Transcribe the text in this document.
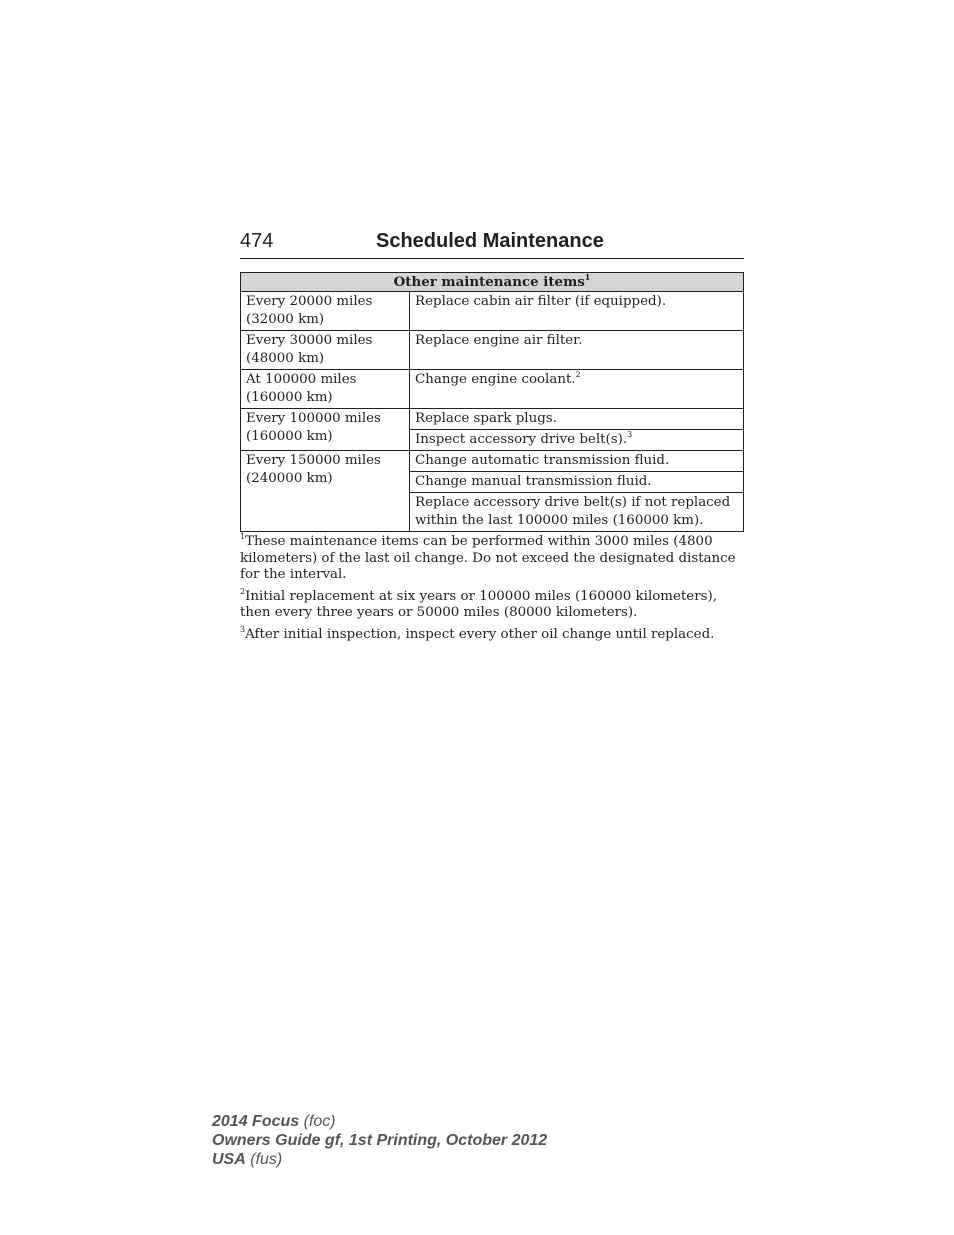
474	Scheduled Maintenance
Other maintenance items$^1$
Every 20000 miles (32000 km)	Replace cabin air filter (if equipped).
Every 30000 miles (48000 km)	Replace engine air filter.
At 100000 miles (160000 km)	Change engine coolant.$^2$
Every 100000 miles (160000 km)	Replace spark plugs.
	Inspect accessory drive belt(s).$^3$
Every 150000 miles (240000 km)	Change automatic transmission fluid.
	Change manual transmission fluid.
	Replace accessory drive belt(s) if not replaced within the last 100000 miles (160000 km).

$^1$These maintenance items can be performed within 3000 miles (4800 kilometers) of the last oil change. Do not exceed the designated distance for the interval.

$^2$Initial replacement at six years or 100000 miles (160000 kilometers), then every three years or 50000 miles (80000 kilometers).

$^3$After initial inspection, inspect every other oil change until replaced.

2014 Focus (foc)
Owners Guide gf, 1st Printing, October 2012
USA (fus)
